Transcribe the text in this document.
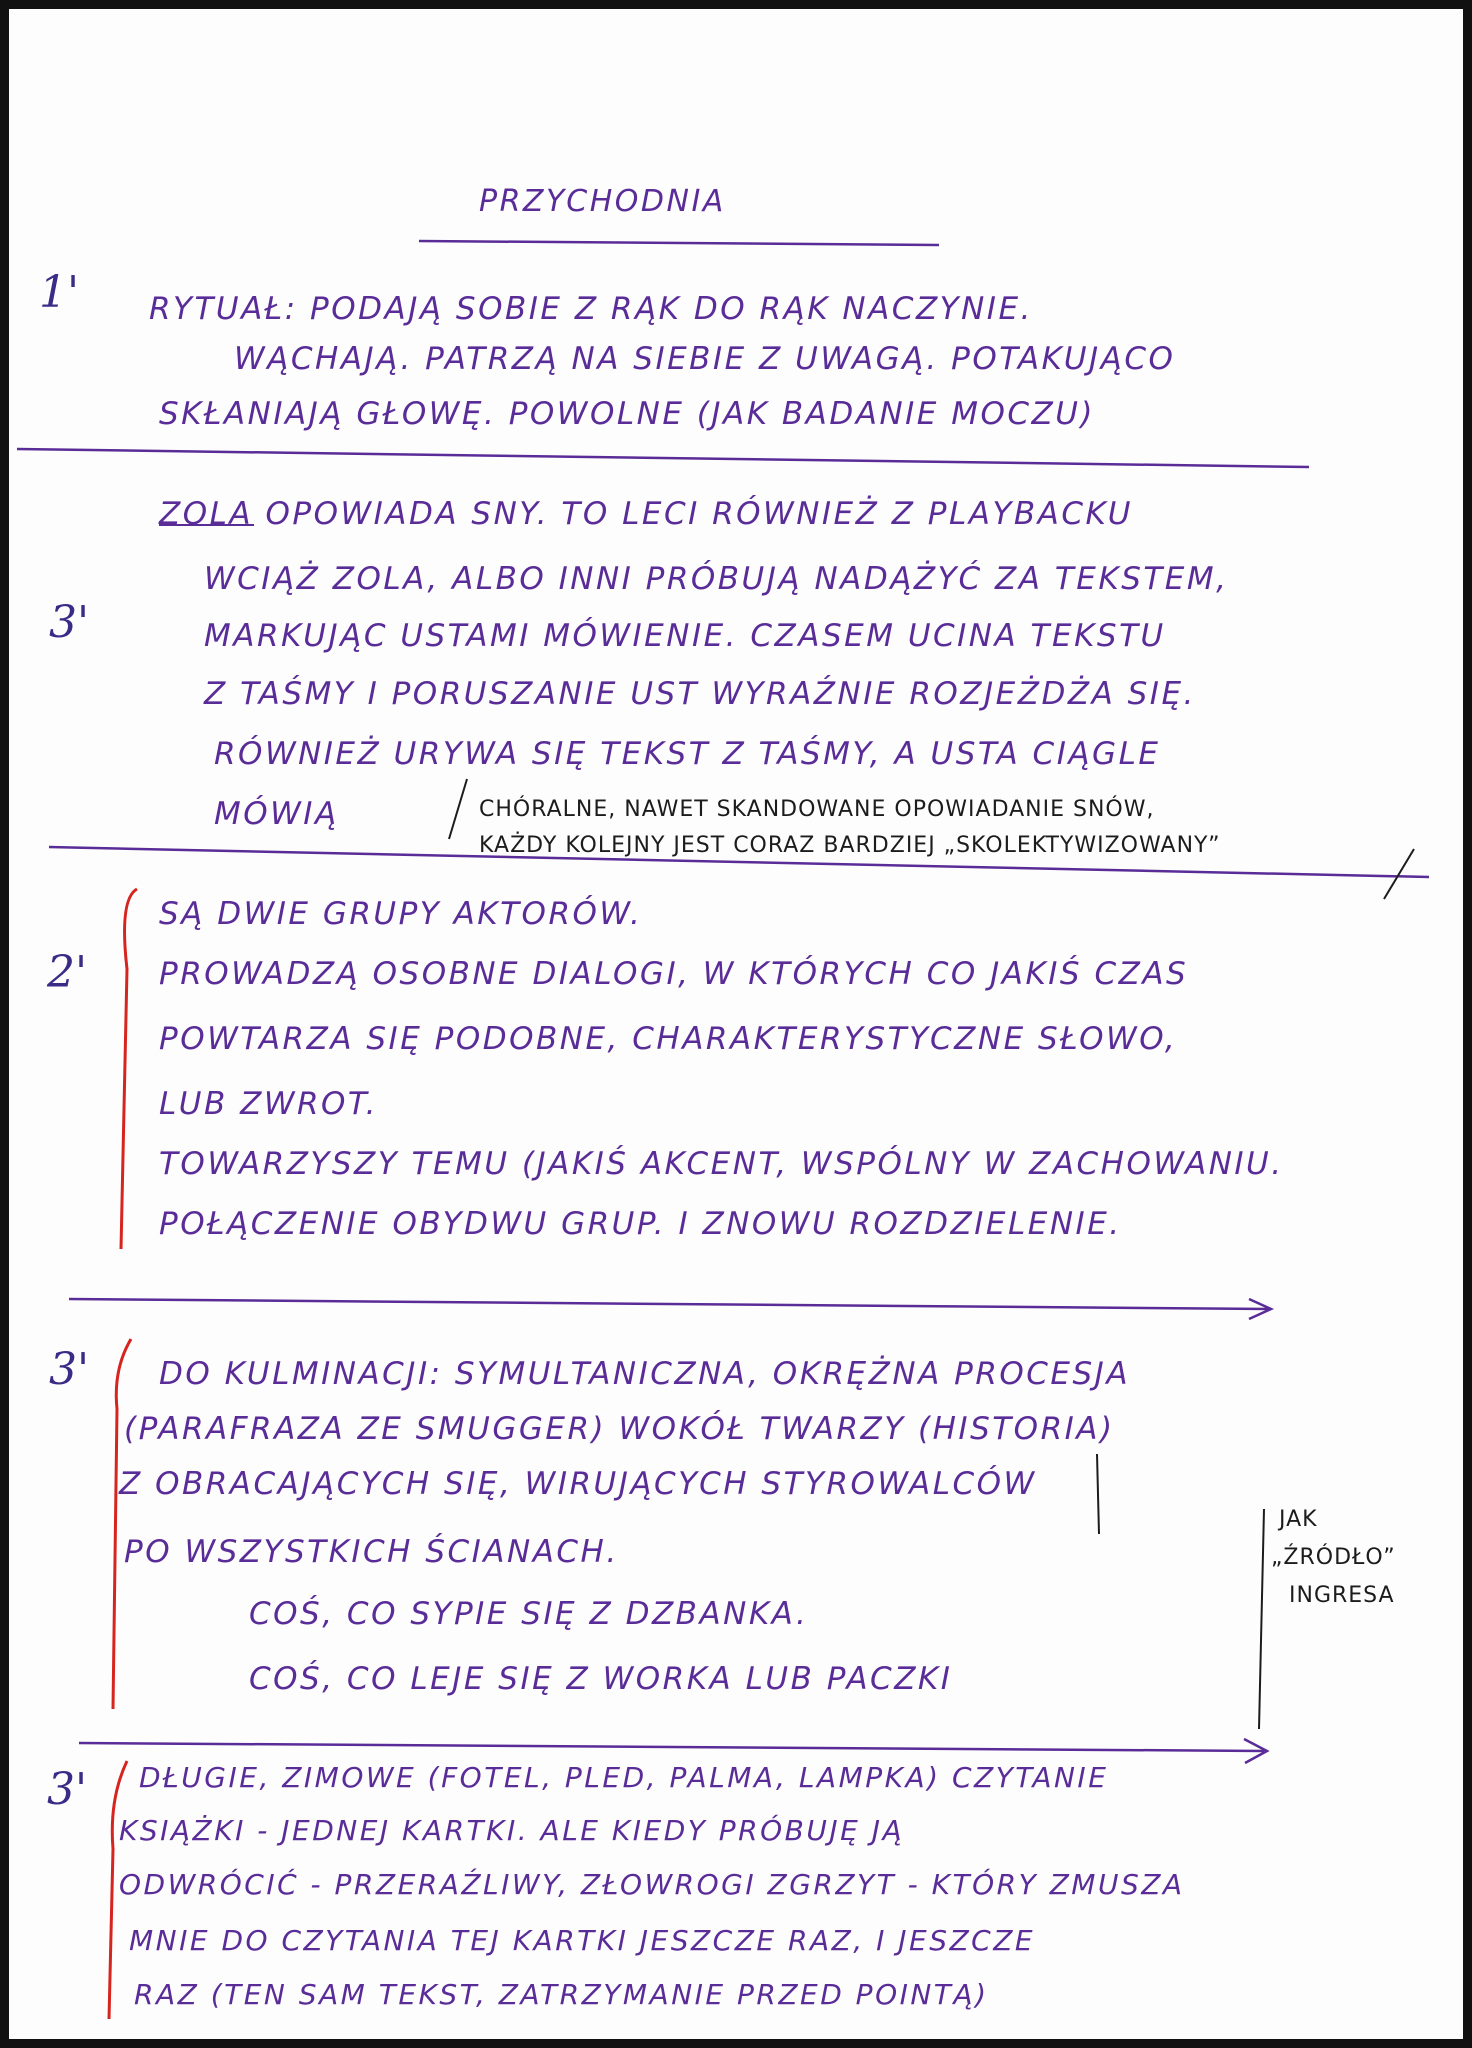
PRZYCHODNIA
1' RYTUAŁ: PODAJĄ SOBIE Z RĄK DO RĄK NACZYNIE.
WĄCHAJĄ. PATRZĄ NA SIEBIE Z UWAGĄ. POTAKUJĄCO
SKŁANIAJĄ GŁOWĘ. POWOLNE (JAK BADANIE MOCZU)
3'
ZOLA OPOWIADA SNY. TO LECI RÓWNIEŻ Z PLAYBACKU
WCIĄŻ ZOLA, ALBO INNI PRÓBUJĄ NADĄŻYĆ ZA TEKSTEM,
MARKUJĄC USTAMI MÓWIENIE. CZASEM UCINA TEKSTU
Z TAŚMY I PORUSZANIE UST WYRAŹNIE ROZJEŻDŻA SIĘ.
RÓWNIEŻ URYWA SIĘ TEKST Z TAŚMY, A USTA CIĄGLE
MÓWIĄ	CHÓRALNE, NAWET SKANDOWANE OPOWIADANIE SNÓW,
KAŻDY KOLEJNY JEST CORAZ BARDZIEJ „SKOLEKTYWIZOWANY”
2'
SĄ DWIE GRUPY AKTORÓW.
PROWADZĄ OSOBNE DIALOGI, W KTÓRYCH CO JAKIŚ CZAS
POWTARZA SIĘ PODOBNE, CHARAKTERYSTYCZNE SŁOWO,
LUB ZWROT.
TOWARZYSZY TEMU (JAKIŚ AKCENT, WSPÓLNY W ZACHOWANIU.
POŁĄCZENIE OBYDWU GRUP. I ZNOWU ROZDZIELENIE.
3' DO KULMINACJI: SYMULTANICZNA, OKRĘŻNA PROCESJA
(PARAFRAZA ZE SMUGGER) WOKÓŁ TWARZY (HISTORIA)
Z OBRACAJĄCYCH SIĘ, WIRUJĄCYCH STYROWALCÓW
PO WSZYSTKICH ŚCIANACH.
COŚ, CO SYPIE SIĘ Z DZBANKA.
COŚ, CO LEJE SIĘ Z WORKA LUB PACZKI
JAK
„ŹRÓDŁO”
INGRESA
3' DŁUGIE, ZIMOWE (FOTEL, PLED, PALMA, LAMPKA) CZYTANIE
KSIĄŻKI - JEDNEJ KARTKI. ALE KIEDY PRÓBUJĘ JĄ
ODWRÓCIĆ - PRZERAŹLIWY, ZŁOWROGI ZGRZYT - KTÓRY ZMUSZA
MNIE DO CZYTANIA TEJ KARTKI JESZCZE RAZ, I JESZCZE
RAZ (TEN SAM TEKST, ZATRZYMANIE PRZED POINTĄ)
